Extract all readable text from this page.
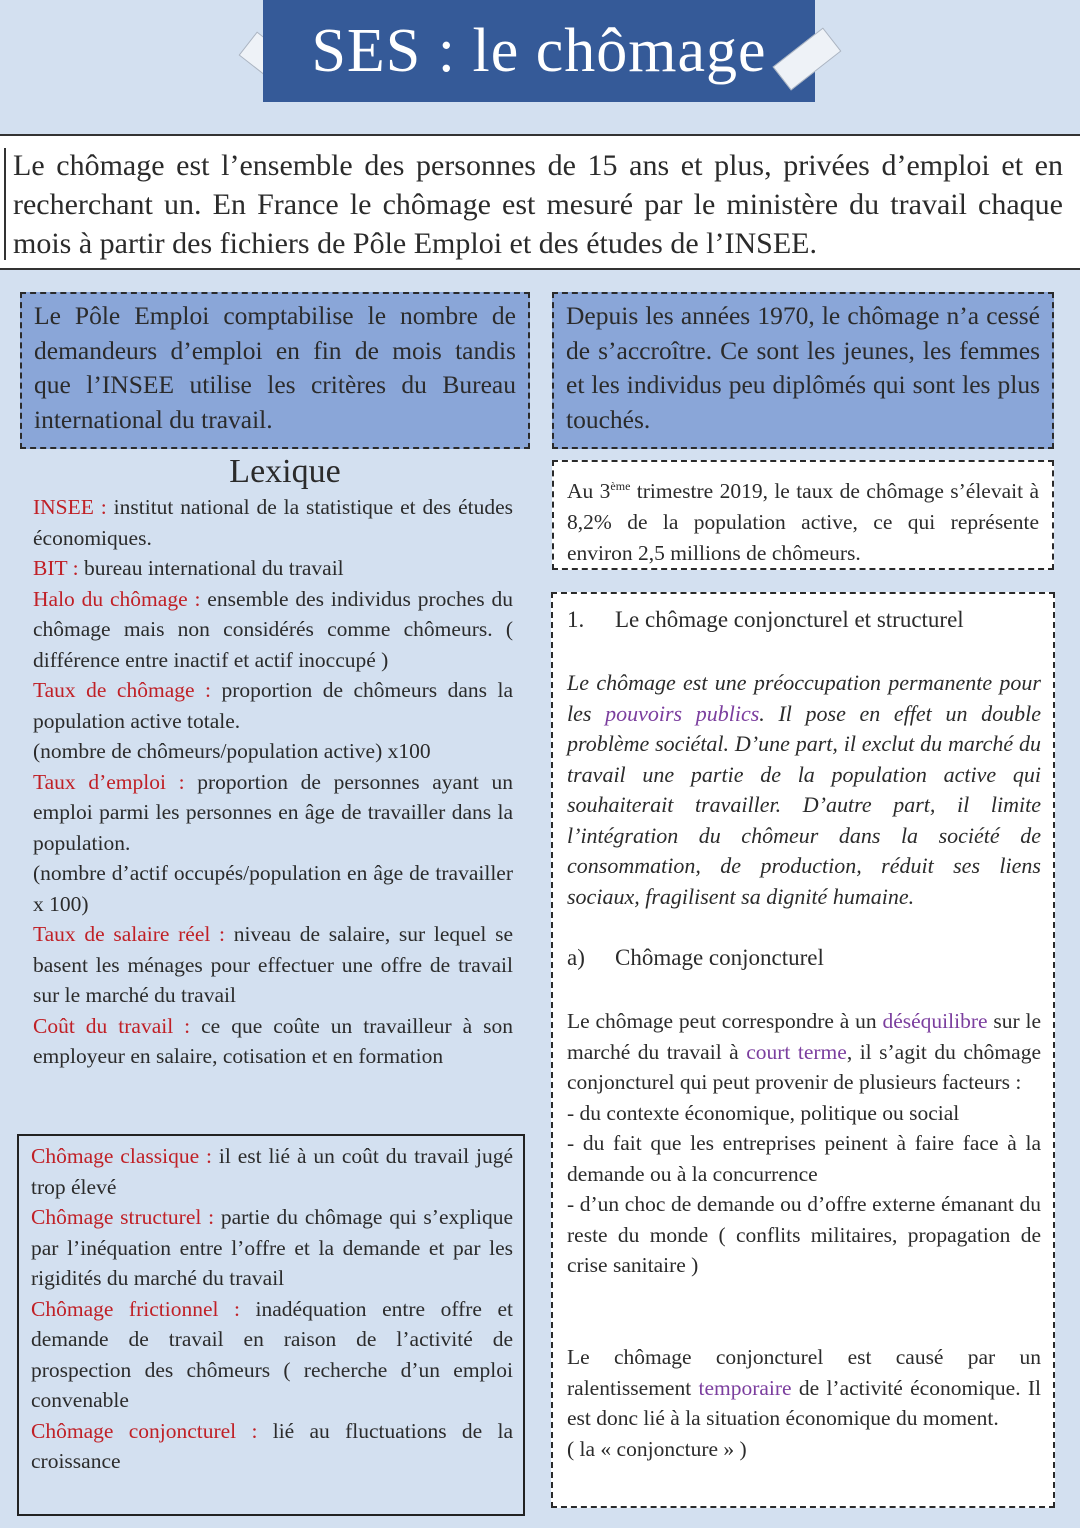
SES : le chômage

Le chômage est l’ensemble des personnes de 15 ans et plus, privées d’emploi et en recherchant un. En France le chômage est mesuré par le ministère du travail chaque mois à partir des fichiers de Pôle Emploi et des études de l’INSEE.

Le Pôle Emploi comptabilise le nombre de demandeurs d’emploi en fin de mois tandis que l’INSEE utilise les critères du Bureau international du travail.
Depuis les années 1970, le chômage n’a cessé de s’accroître. Ce sont les jeunes, les femmes et les individus peu diplômés qui sont les plus touchés.
Lexique
INSEE : institut national de la statistique et des études économiques.
BIT : bureau international du travail
Halo du chômage : ensemble des individus proches du chômage mais non considérés comme chômeurs. ( différence entre inactif et actif inoccupé )
Taux de chômage : proportion de chômeurs dans la population active totale.
(nombre de chômeurs/population active) x100
Taux d’emploi : proportion de personnes ayant un emploi parmi les personnes en âge de travailler dans la population.
(nombre d’actif occupés/population en âge de travailler x 100)
Taux de salaire réel : niveau de salaire, sur lequel se basent les ménages pour effectuer une offre de travail sur le marché du travail
Coût du travail : ce que coûte un travailleur à son employeur en salaire, cotisation et en formation
Chômage classique : il est lié à un coût du travail jugé trop élevé
Chômage structurel : partie du chômage qui s’explique par l’inéquation entre l’offre et la demande et par les rigidités du marché du travail
Chômage frictionnel : inadéquation entre offre et demande de travail en raison de l’activité de prospection des chômeurs ( recherche d’un emploi convenable
Chômage conjoncturel : lié au fluctuations de la croissance
Au 3ème trimestre 2019, le taux de chômage s’élevait à 8,2% de la population active, ce qui représente environ 2,5 millions de chômeurs.
1. Le chômage conjoncturel et structurel
Le chômage est une préoccupation permanente pour les pouvoirs publics. Il pose en effet un double problème sociétal. D’une part, il exclut du marché du travail une partie de la population active qui souhaiterait travailler. D’autre part, il limite l’intégration du chômeur dans la société de consommation, de production, réduit ses liens sociaux, fragilisent sa dignité humaine.
a) Chômage conjoncturel
Le chômage peut correspondre à un déséquilibre sur le marché du travail à court terme, il s’agit du chômage conjoncturel qui peut provenir de plusieurs facteurs :
- du contexte économique, politique ou social
- du fait que les entreprises peinent à faire face à la demande ou à la concurrence
- d’un choc de demande ou d’offre externe émanant du reste du monde ( conflits militaires, propagation de crise sanitaire )
Le chômage conjoncturel est causé par un ralentissement temporaire de l’activité économique. Il est donc lié à la situation économique du moment.
( la « conjoncture » )
